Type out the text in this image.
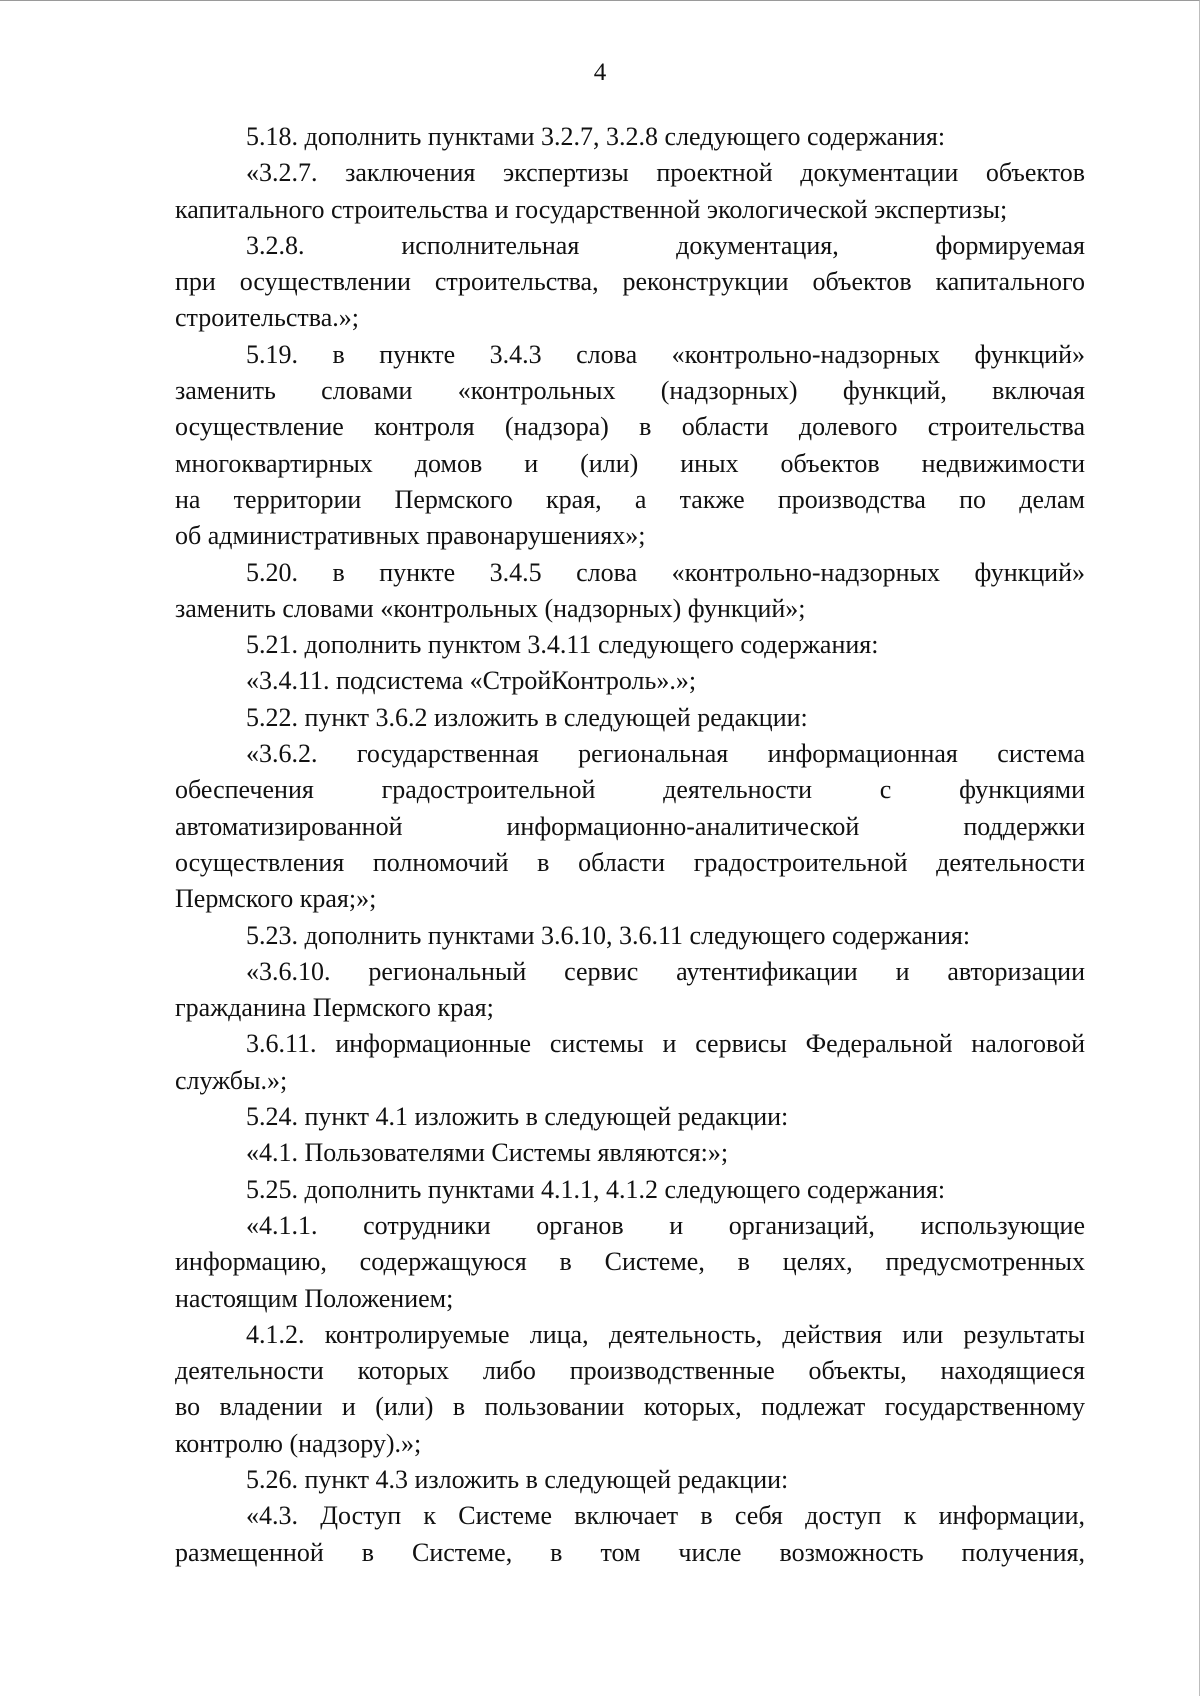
4
5.18. дополнить пунктами 3.2.7, 3.2.8 следующего содержания:
«3.2.7. заключения экспертизы проектной документации объектов
капитального строительства и государственной экологической экспертизы;
3.2.8. исполнительная документация, формируемая
при осуществлении строительства, реконструкции объектов капитального
строительства.»;
5.19. в пункте 3.4.3 слова «контрольно-надзорных функций»
заменить словами «контрольных (надзорных) функций, включая
осуществление контроля (надзора) в области долевого строительства
многоквартирных домов и (или) иных объектов недвижимости
на территории Пермского края, а также производства по делам
об административных правонарушениях»;
5.20. в пункте 3.4.5 слова «контрольно-надзорных функций»
заменить словами «контрольных (надзорных) функций»;
5.21. дополнить пунктом 3.4.11 следующего содержания:
«3.4.11. подсистема «СтройКонтроль».»;
5.22. пункт 3.6.2 изложить в следующей редакции:
«3.6.2. государственная региональная информационная система
обеспечения градостроительной деятельности с функциями
автоматизированной информационно-аналитической поддержки
осуществления полномочий в области градостроительной деятельности
Пермского края;»;
5.23. дополнить пунктами 3.6.10, 3.6.11 следующего содержания:
«3.6.10. региональный сервис аутентификации и авторизации
гражданина Пермского края;
3.6.11. информационные системы и сервисы Федеральной налоговой
службы.»;
5.24. пункт 4.1 изложить в следующей редакции:
«4.1. Пользователями Системы являются:»;
5.25. дополнить пунктами 4.1.1, 4.1.2 следующего содержания:
«4.1.1. сотрудники органов и организаций, использующие
информацию, содержащуюся в Системе, в целях, предусмотренных
настоящим Положением;
4.1.2. контролируемые лица, деятельность, действия или результаты
деятельности которых либо производственные объекты, находящиеся
во владении и (или) в пользовании которых, подлежат государственному
контролю (надзору).»;
5.26. пункт 4.3 изложить в следующей редакции:
«4.3. Доступ к Системе включает в себя доступ к информации,
размещенной в Системе, в том числе возможность получения,
